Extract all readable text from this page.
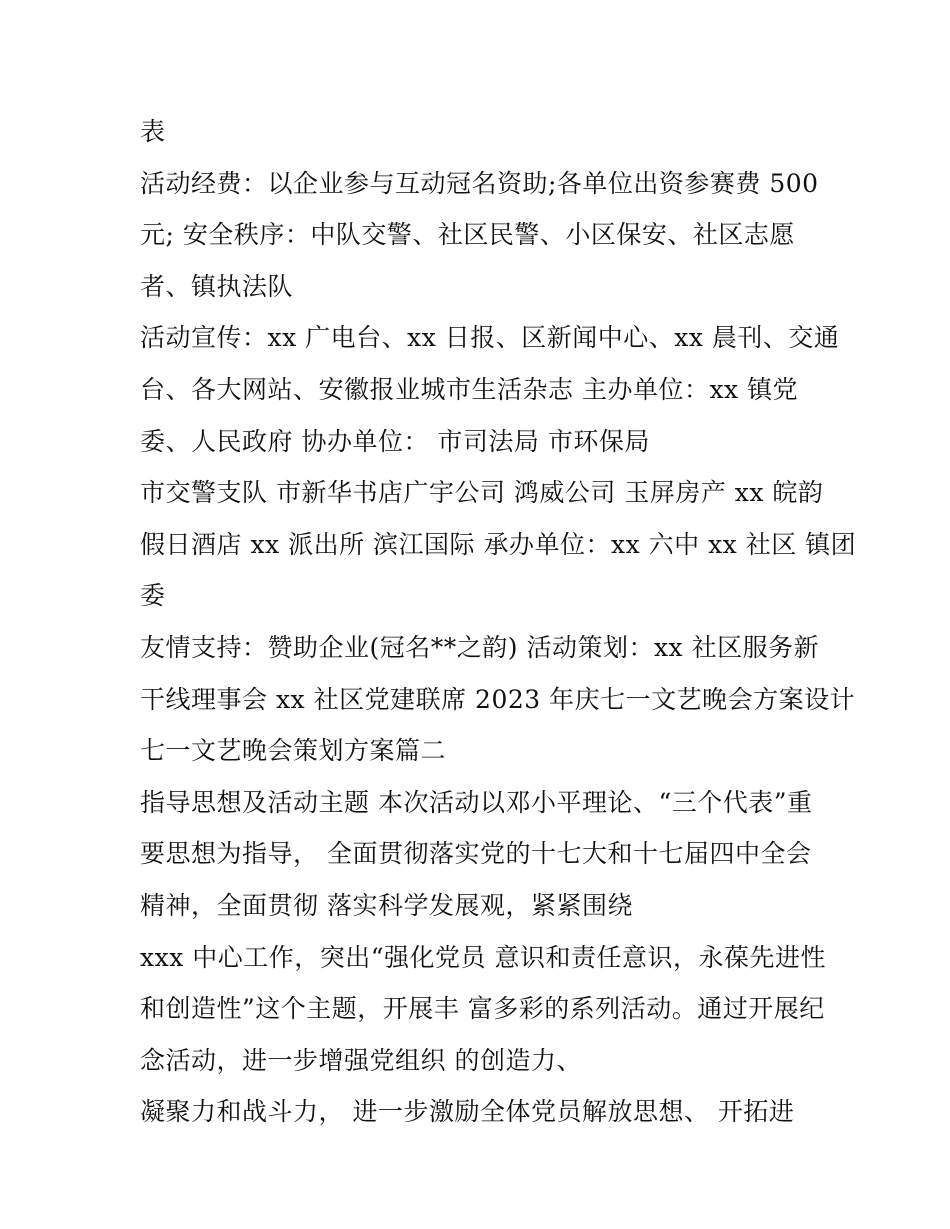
表
活动经费：以企业参与互动冠名资助;各单位出资参赛费 500
元; 安全秩序：中队交警、社区民警、小区保安、社区志愿
者、镇执法队
活动宣传：xx 广电台、xx 日报、区新闻中心、xx 晨刊、交通
台、各大网站、安徽报业城市生活杂志 主办单位：xx 镇党
委、人民政府 协办单位： 市司法局 市环保局
市交警支队 市新华书店广宇公司 鸿威公司 玉屏房产 xx 皖韵
假日酒店 xx 派出所 滨江国际 承办单位：xx 六中 xx 社区 镇团
委
友情支持：赞助企业(冠名**之韵) 活动策划：xx 社区服务新
干线理事会 xx 社区党建联席 2023 年庆七一文艺晚会方案设计
七一文艺晚会策划方案篇二
指导思想及活动主题 本次活动以邓小平理论、“三个代表”重
要思想为指导， 全面贯彻落实党的十七大和十七届四中全会
精神，全面贯彻 落实科学发展观，紧紧围绕
xxx 中心工作，突出“强化党员 意识和责任意识，永葆先进性
和创造性”这个主题，开展丰 富多彩的系列活动。通过开展纪
念活动，进一步增强党组织 的创造力、
凝聚力和战斗力， 进一步激励全体党员解放思想、 开拓进
